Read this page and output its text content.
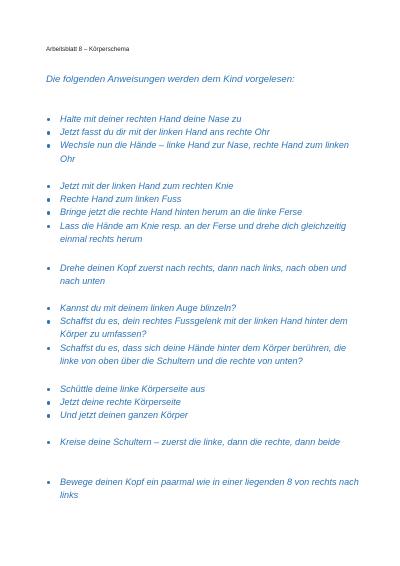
Arbeitsblatt 8 – Körperschema
Die folgenden Anweisungen werden dem Kind vorgelesen:
Halte mit deiner rechten Hand deine Nase zu
Jetzt fasst du dir mit der linken Hand ans rechte Ohr
Wechsle nun die Hände – linke Hand zur Nase, rechte Hand zum linken Ohr
Jetzt mit der linken Hand zum rechten Knie
Rechte Hand zum linken Fuss
Bringe jetzt die rechte Hand hinten herum an die linke Ferse
Lass die Hände am Knie resp. an der Ferse und drehe dich gleichzeitig einmal rechts herum
Drehe deinen Kopf zuerst nach rechts, dann nach links, nach oben und nach unten
Kannst du mit deinem linken Auge blinzeln?
Schaffst du es, dein rechtes Fussgelenk mit der linken Hand hinter dem Körper zu umfassen?
Schaffst du es, dass sich deine Hände hinter dem Körper berühren, die linke von oben über die Schultern und die rechte von unten?
Schüttle deine linke Körperseite aus
Jetzt deine rechte Körperseite
Und jetzt deinen ganzen Körper
Kreise deine Schultern – zuerst die linke, dann die rechte, dann beide
Bewege deinen Kopf ein paarmal wie in einer liegenden 8 von rechts nach links
